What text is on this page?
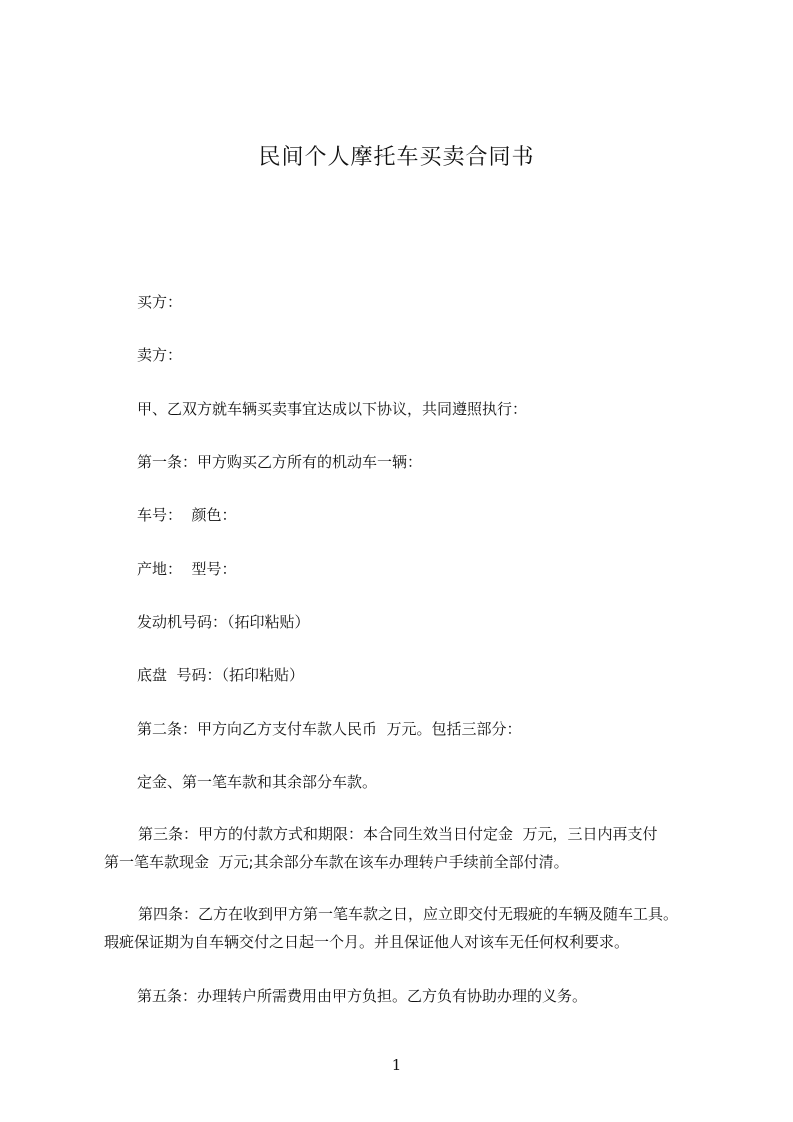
民间个人摩托车买卖合同书
买方：
卖方：
甲、乙双方就车辆买卖事宜达成以下协议，共同遵照执行：
第一条：甲方购买乙方所有的机动车一辆：
车号：  颜色：
产地：  型号：
发动机号码：（拓印粘贴）
底盘  号码：（拓印粘贴）
第二条：甲方向乙方支付车款人民币  万元。包括三部分：
定金、第一笔车款和其余部分车款。
第三条：甲方的付款方式和期限：本合同生效当日付定金  万元，三日内再支付
第一笔车款现金  万元;其余部分车款在该车办理转户手续前全部付清。
第四条：乙方在收到甲方第一笔车款之日，应立即交付无瑕疵的车辆及随车工具。
瑕疵保证期为自车辆交付之日起一个月。并且保证他人对该车无任何权利要求。
第五条：办理转户所需费用由甲方负担。乙方负有协助办理的义务。
1
